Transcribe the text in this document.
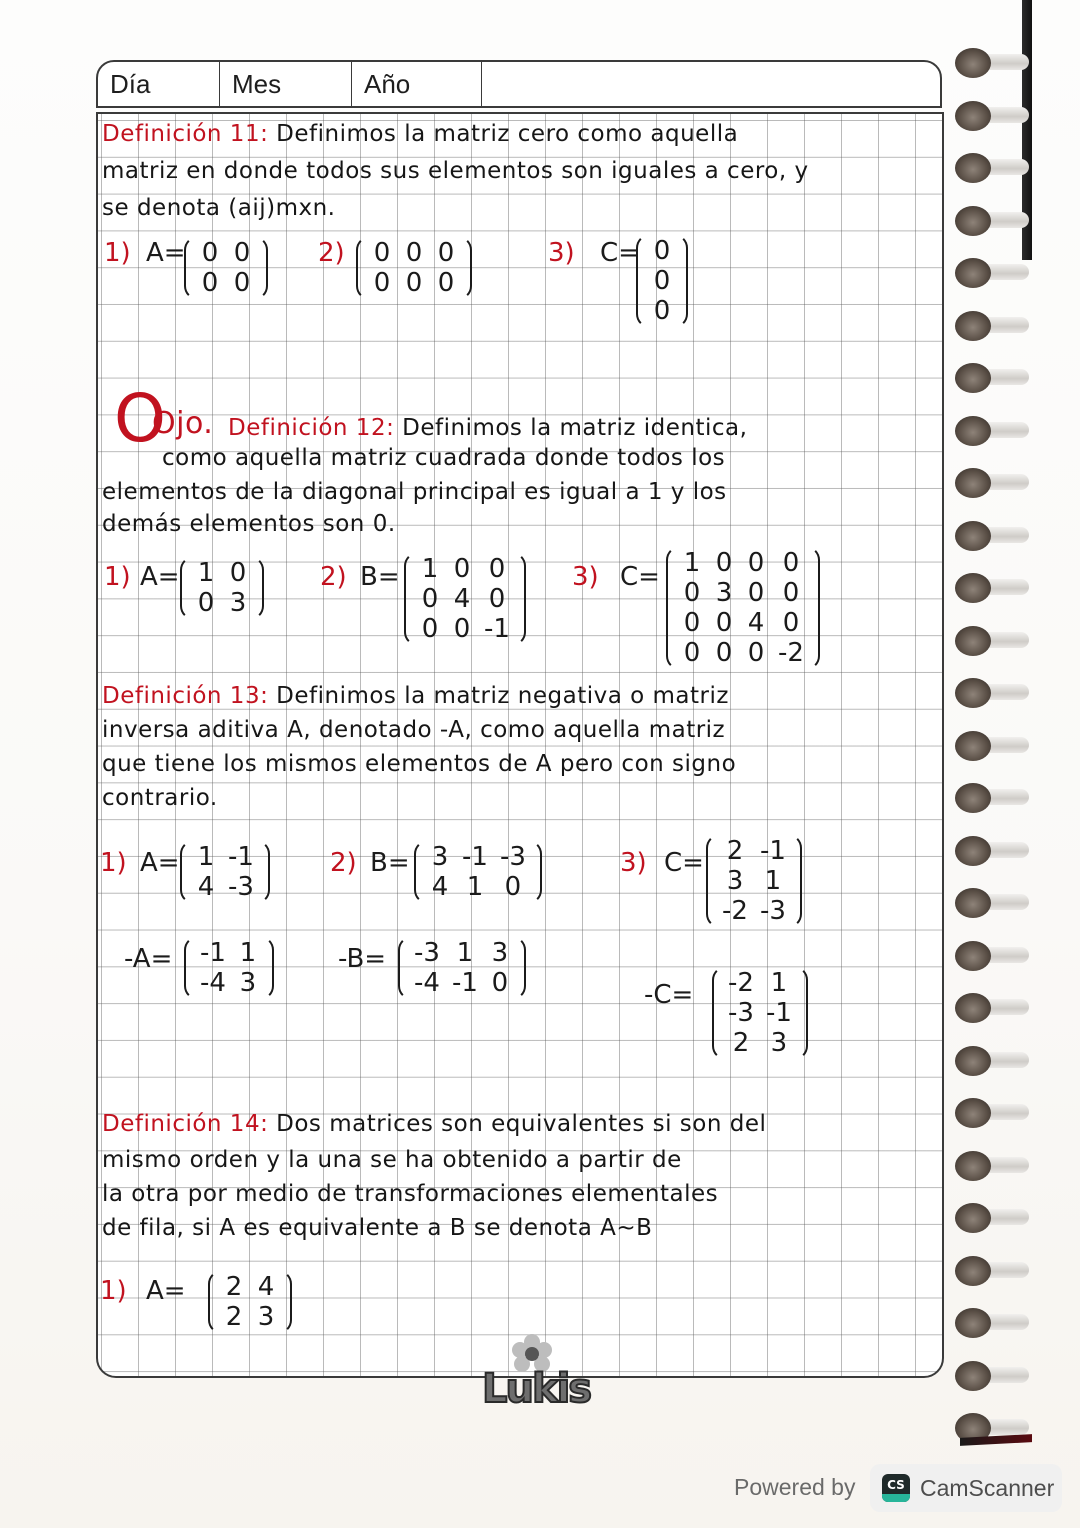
Día	Mes	Año
Definición 11: Definimos la matriz cero como aquella
matriz en donde todos sus elementos son iguales a cero, y
se denota (aij)mxn.
1) A= 0 0
0 0
2) 0 0 0
0 0 0
3) C= 0
0
0
O
Ojo. Definición 12: Definimos la matriz identica,
como aquella matriz cuadrada donde todos los
elementos de la diagonal principal es igual a 1 y los
demás elementos son 0.
1) A= 1 0
0 3
2) B= 1 0 0
0 4 0
0 0 -1
3) C= 1 0 0 0
0 3 0 0
0 0 4 0
0 0 0 -2
Definición 13: Definimos la matriz negativa o matriz
inversa aditiva A, denotado -A, como aquella matriz
que tiene los mismos elementos de A pero con signo
contrario.
1) A= 1 -1
4 -3
2) B= 3 -1 -3
4 1 0
3) C= 2 -1
3 1
-2 -3
-A= -1 1
-4 3
-B= -3 1 3
-4 -1 0	-C= -2 1
-3 -1
2 3
Definición 14: Dos matrices son equivalentes si son del
mismo orden y la una se ha obtenido a partir de
la otra por medio de transformaciones elementales
de fila, si A es equivalente a B se denota A~B
1) A= 2 4
2 3
Lukis
Powered by	CS CamScanner
